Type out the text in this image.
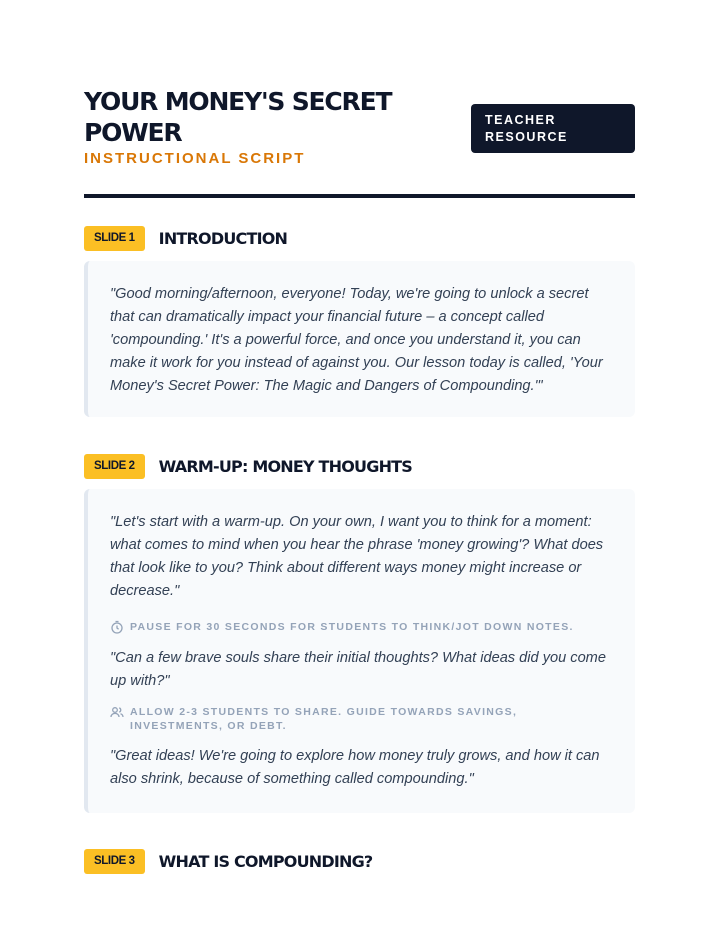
YOUR MONEY'S SECRET POWER
INSTRUCTIONAL SCRIPT
TEACHER RESOURCE
SLIDE 1	INTRODUCTION

"Good morning/afternoon, everyone! Today, we're going to unlock a secret that can dramatically impact your financial future – a concept called 'compounding.' It's a powerful force, and once you understand it, you can make it work for you instead of against you. Our lesson today is called, 'Your Money's Secret Power: The Magic and Dangers of Compounding.'"

SLIDE 2	WARM-UP: MONEY THOUGHTS

"Let's start with a warm-up. On your own, I want you to think for a moment: what comes to mind when you hear the phrase 'money growing'? What does that look like to you? Think about different ways money might increase or decrease."

PAUSE FOR 30 SECONDS FOR STUDENTS TO THINK/JOT DOWN NOTES.

"Can a few brave souls share their initial thoughts? What ideas did you come up with?"

ALLOW 2-3 STUDENTS TO SHARE. GUIDE TOWARDS SAVINGS, INVESTMENTS, OR DEBT.

"Great ideas! We're going to explore how money truly grows, and how it can also shrink, because of something called compounding."

SLIDE 3	WHAT IS COMPOUNDING?
